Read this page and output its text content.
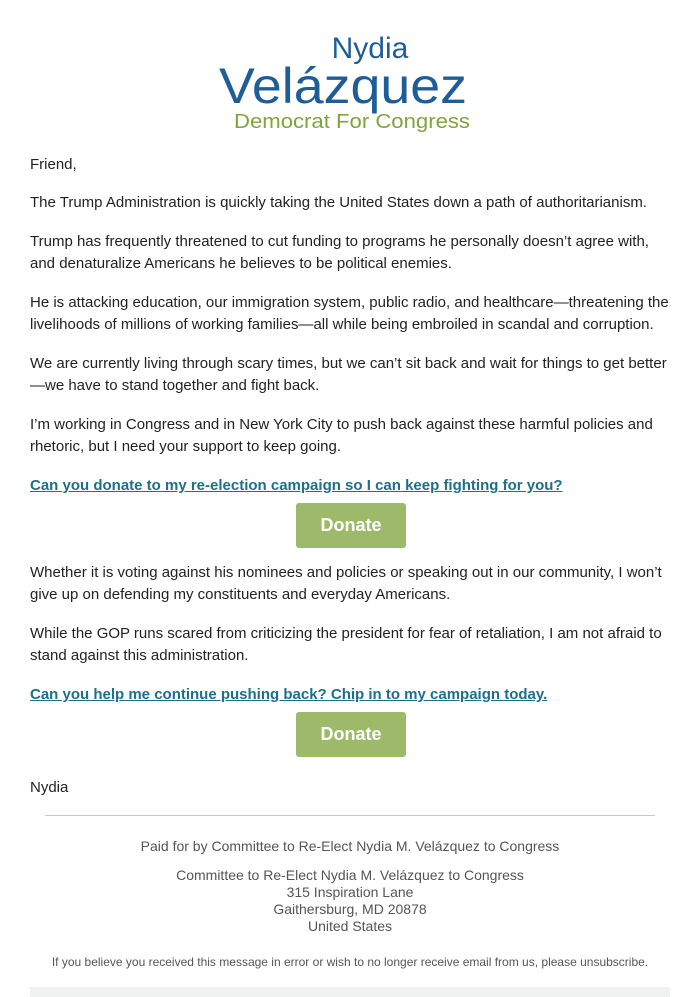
Nydia
Velázquez
Democrat For Congress

Friend,

The Trump Administration is quickly taking the United States down a path of authoritarianism.

Trump has frequently threatened to cut funding to programs he personally doesn’t agree with,
and denaturalize Americans he believes to be political enemies.

He is attacking education, our immigration system, public radio, and healthcare—threatening the
livelihoods of millions of working families—all while being embroiled in scandal and corruption.

We are currently living through scary times, but we can’t sit back and wait for things to get better
—we have to stand together and fight back.

I’m working in Congress and in New York City to push back against these harmful policies and
rhetoric, but I need your support to keep going.

Can you donate to my re-election campaign so I can keep fighting for you?
Donate

Whether it is voting against his nominees and policies or speaking out in our community, I won’t
give up on defending my constituents and everyday Americans.

While the GOP runs scared from criticizing the president for fear of retaliation, I am not afraid to
stand against this administration.

Can you help me continue pushing back? Chip in to my campaign today.
Donate

Nydia

Paid for by Committee to Re-Elect Nydia M. Velázquez to Congress
Committee to Re-Elect Nydia M. Velázquez to Congress
315 Inspiration Lane
Gaithersburg, MD 20878
United States
If you believe you received this message in error or wish to no longer receive email from us, please unsubscribe.
